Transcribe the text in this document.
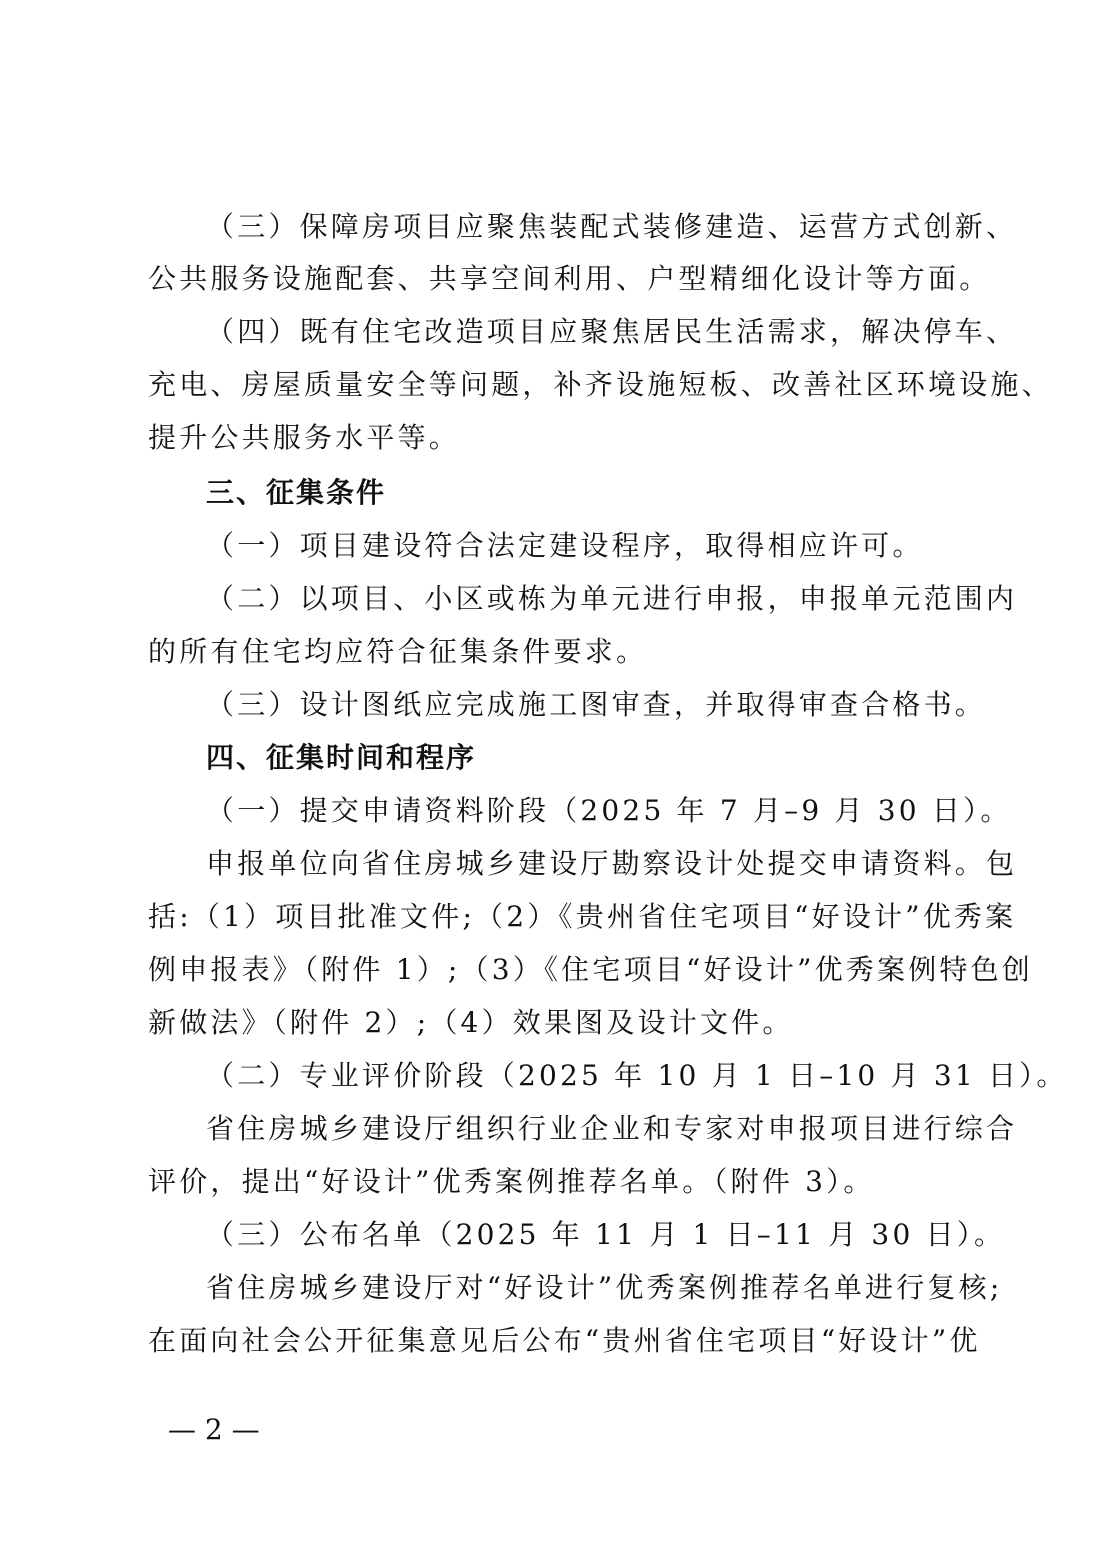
（三）保障房项目应聚焦装配式装修建造、运营方式创新、
公共服务设施配套、共享空间利用、户型精细化设计等方面。
（四）既有住宅改造项目应聚焦居民生活需求，解决停车、
充电、房屋质量安全等问题，补齐设施短板、改善社区环境设施、
提升公共服务水平等。
三、征集条件
（一）项目建设符合法定建设程序，取得相应许可。
（二）以项目、小区或栋为单元进行申报，申报单元范围内
的所有住宅均应符合征集条件要求。
（三）设计图纸应完成施工图审查，并取得审查合格书。
四、征集时间和程序
（一）提交申请资料阶段（2025 年 7 月–9 月 30 日）。
申报单位向省住房城乡建设厅勘察设计处提交申请资料。包
括:（1）项目批准文件;（2）《贵州省住宅项目“好设计”优秀案
例申报表》（附件 1）;（3）《住宅项目“好设计”优秀案例特色创
新做法》（附件 2）;（4）效果图及设计文件。
（二）专业评价阶段（2025 年 10 月 1 日–10 月 31 日）。
省住房城乡建设厅组织行业企业和专家对申报项目进行综合
评价，提出“好设计”优秀案例推荐名单。（附件 3）。
（三）公布名单（2025 年 11 月 1 日–11 月 30 日）。
省住房城乡建设厅对“好设计”优秀案例推荐名单进行复核;
在面向社会公开征集意见后公布“贵州省住宅项目“好设计”优
— 2 —
